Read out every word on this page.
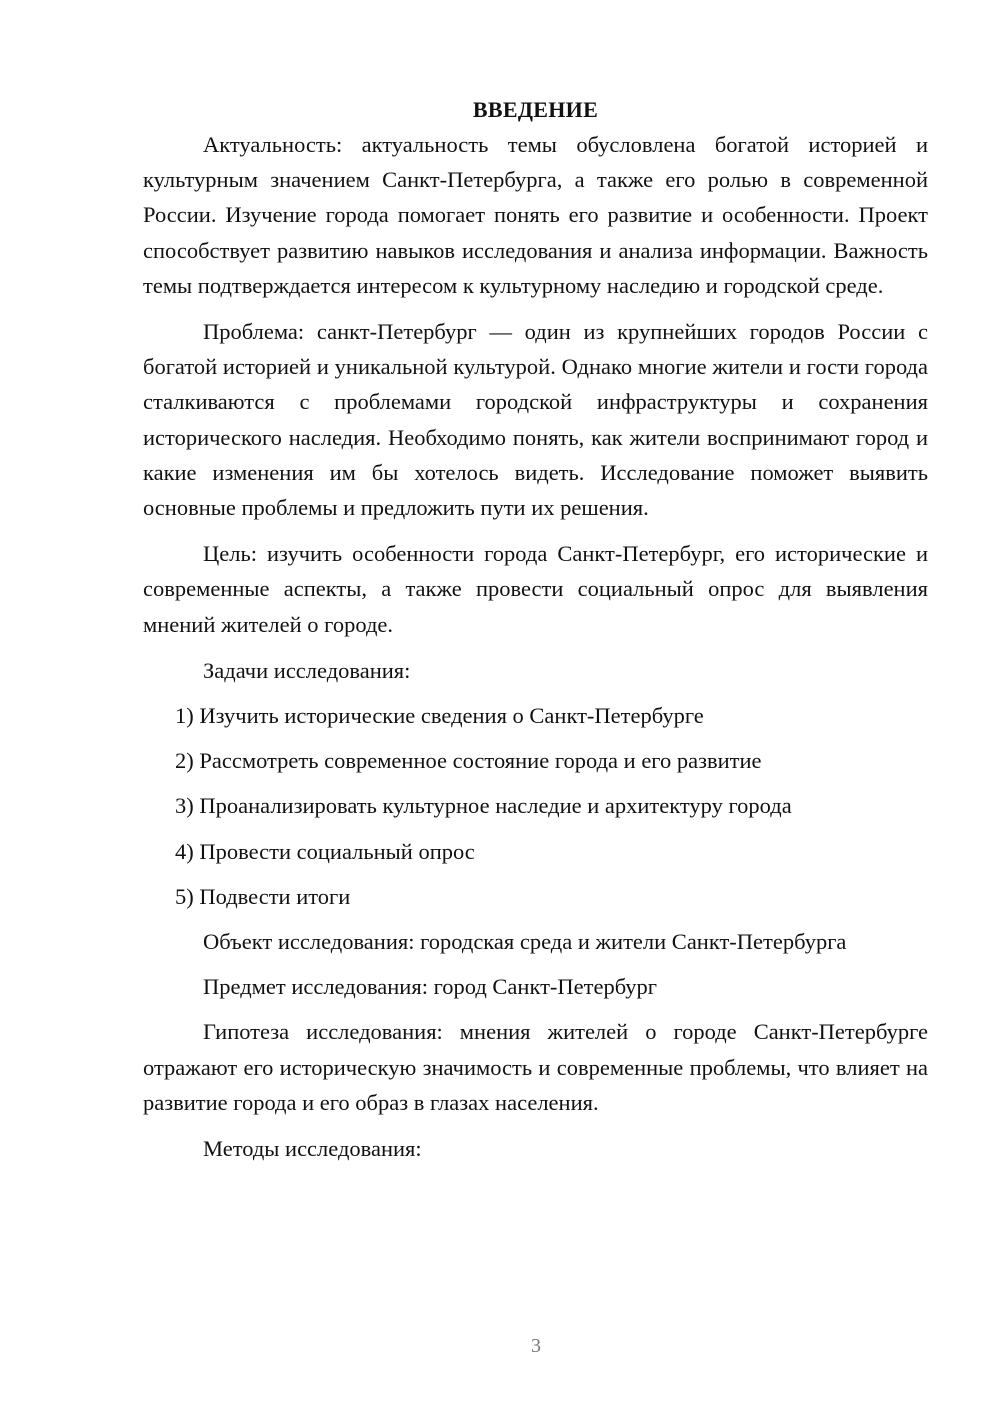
ВВЕДЕНИЕ

Актуальность: актуальность темы обусловлена богатой историей и культурным значением Санкт-Петербурга, а также его ролью в современной России. Изучение города помогает понять его развитие и особенности. Проект способствует развитию навыков исследования и анализа информации. Важность темы подтверждается интересом к культурному наследию и городской среде.

Проблема: санкт-Петербург — один из крупнейших городов России с богатой историей и уникальной культурой. Однако многие жители и гости города сталкиваются с проблемами городской инфраструктуры и сохранения исторического наследия. Необходимо понять, как жители воспринимают город и какие изменения им бы хотелось видеть. Исследование поможет выявить основные проблемы и предложить пути их решения.

Цель: изучить особенности города Санкт-Петербург, его исторические и современные аспекты, а также провести социальный опрос для выявления мнений жителей о городе.

Задачи исследования:

1) Изучить исторические сведения о Санкт-Петербурге
2) Рассмотреть современное состояние города и его развитие
3) Проанализировать культурное наследие и архитектуру города
4) Провести социальный опрос
5) Подвести итоги

Объект исследования: городская среда и жители Санкт-Петербурга

Предмет исследования: город Санкт-Петербург

Гипотеза исследования: мнения жителей о городе Санкт-Петербурге отражают его историческую значимость и современные проблемы, что влияет на развитие города и его образ в глазах населения.

Методы исследования:

3
